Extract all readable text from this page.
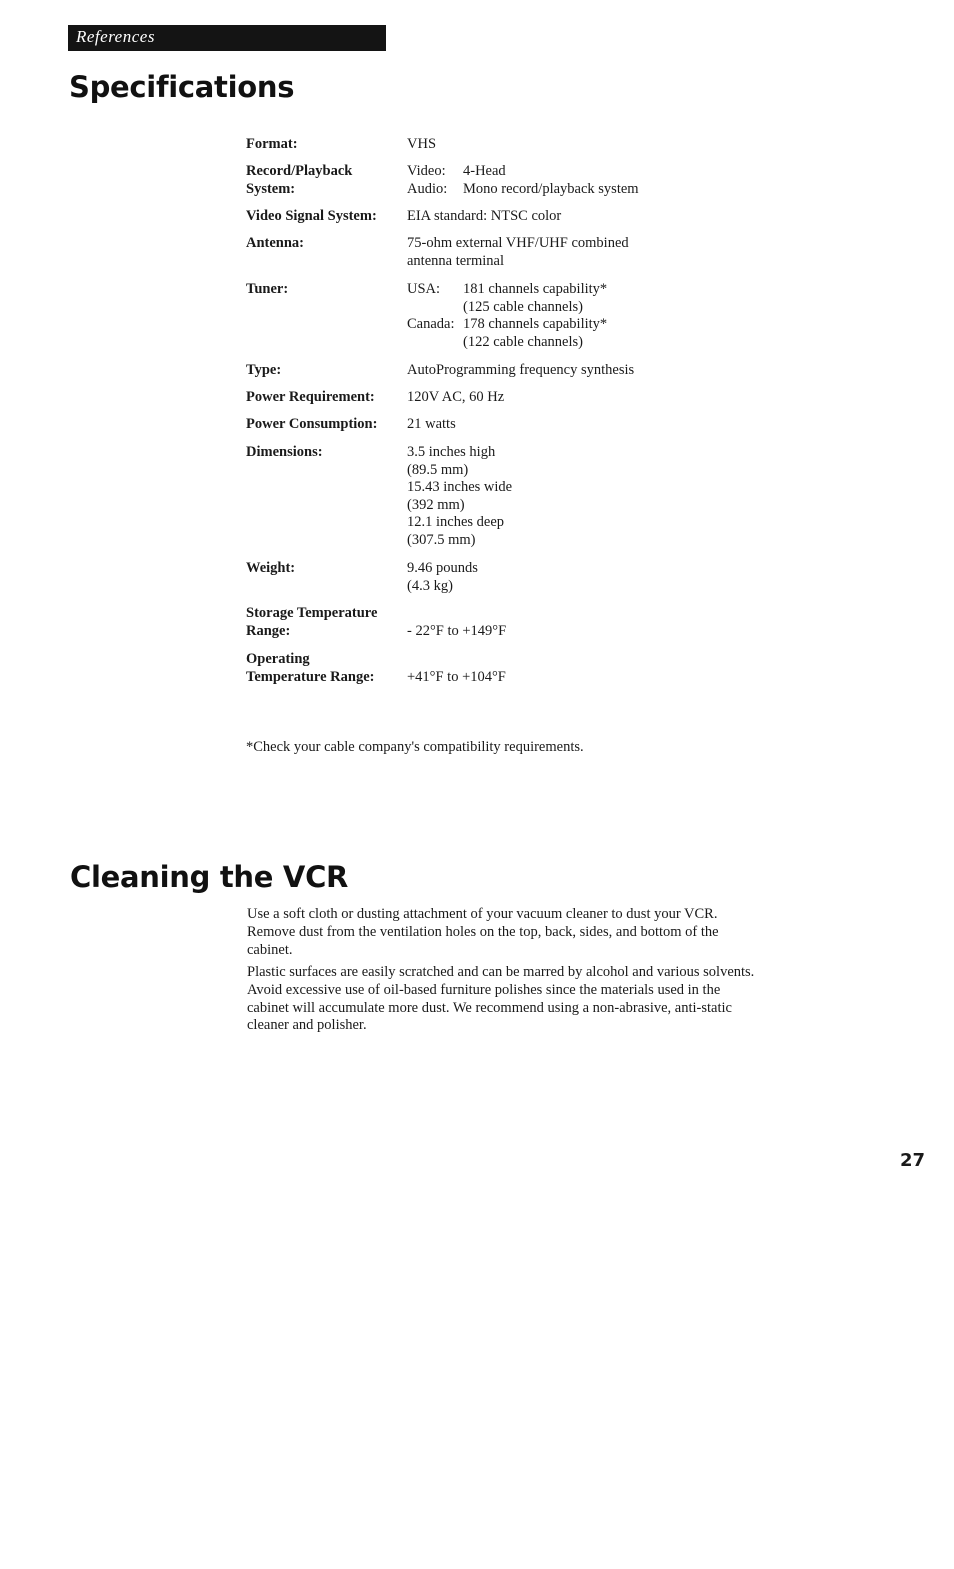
References
Specifications
Format:	VHS
Record/Playback System:
Video: 4-Head
Audio: Mono record/playback system
Video Signal System:	EIA standard: NTSC color
Antenna:	75-ohm external VHF/UHF combined
antenna terminal
Tuner:	USA: 181 channels capability*
(125 cable channels)
Canada: 178 channels capability*
(122 cable channels)
Type:	AutoProgramming frequency synthesis
Power Requirement:	120V AC, 60 Hz
Power Consumption:	21 watts
Dimensions:	3.5 inches high
(89.5 mm)
15.43 inches wide
(392 mm)
12.1 inches deep
(307.5 mm)
Weight:	9.46 pounds
(4.3 kg)
Storage Temperature Range:	- 22°F to +149°F
Operating Temperature Range:	+41°F to +104°F
*Check your cable company's compatibility requirements.
Cleaning the VCR

Use a soft cloth or dusting attachment of your vacuum cleaner to dust your VCR. Remove dust from the ventilation holes on the top, back, sides, and bottom of the cabinet.

Plastic surfaces are easily scratched and can be marred by alcohol and various solvents. Avoid excessive use of oil-based furniture polishes since the materials used in the cabinet will accumulate more dust. We recommend using a non-abrasive, anti-static cleaner and polisher.

27
